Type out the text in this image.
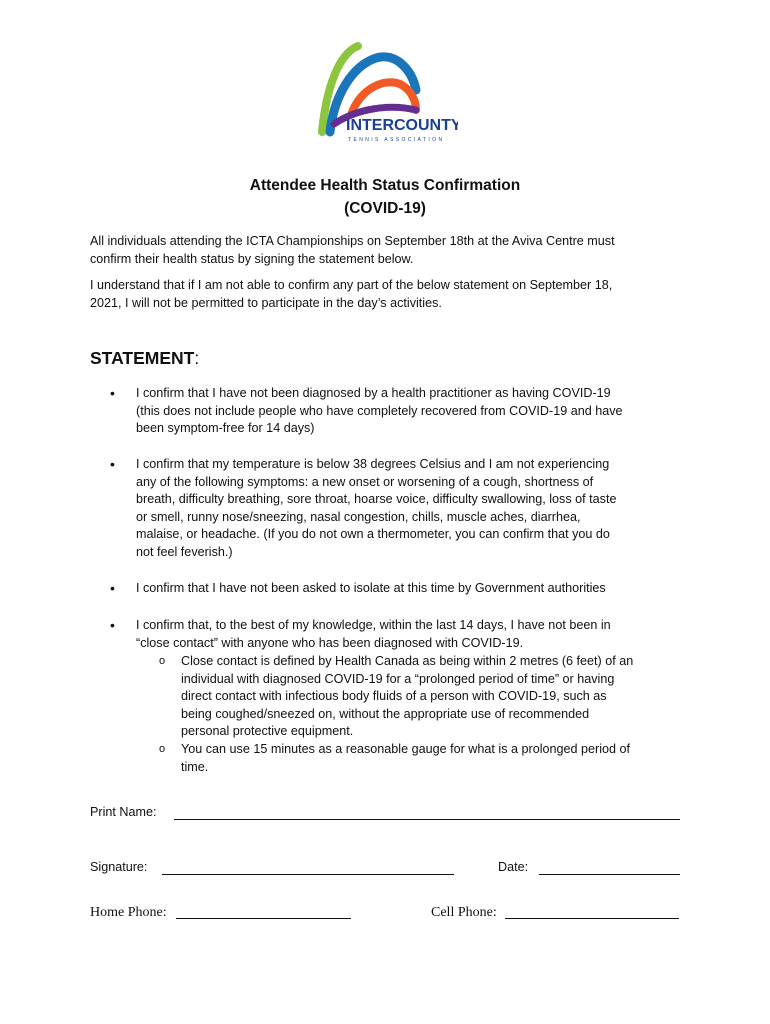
INTERCOUNTY
TENNIS ASSOCIATION
Attendee Health Status Confirmation
(COVID-19)
All individuals attending the ICTA Championships on September 18th at the Aviva Centre must
confirm their health status by signing the statement below.
I understand that if I am not able to confirm any part of the below statement on September 18,
2021, I will not be permitted to participate in the day’s activities.
STATEMENT:
• I confirm that I have not been diagnosed by a health practitioner as having COVID-19
(this does not include people who have completely recovered from COVID-19 and have
been symptom-free for 14 days)
• I confirm that my temperature is below 38 degrees Celsius and I am not experiencing
any of the following symptoms: a new onset or worsening of a cough, shortness of
breath, difficulty breathing, sore throat, hoarse voice, difficulty swallowing, loss of taste
or smell, runny nose/sneezing, nasal congestion, chills, muscle aches, diarrhea,
malaise, or headache. (If you do not own a thermometer, you can confirm that you do
not feel feverish.)
• I confirm that I have not been asked to isolate at this time by Government authorities
• I confirm that, to the best of my knowledge, within the last 14 days, I have not been in
“close contact” with anyone who has been diagnosed with COVID-19.
o Close contact is defined by Health Canada as being within 2 metres (6 feet) of an
individual with diagnosed COVID-19 for a “prolonged period of time” or having
direct contact with infectious body fluids of a person with COVID-19, such as
being coughed/sneezed on, without the appropriate use of recommended
personal protective equipment.
o You can use 15 minutes as a reasonable gauge for what is a prolonged period of
time.
Print Name:
Signature:	Date:
Home Phone:	Cell Phone:
